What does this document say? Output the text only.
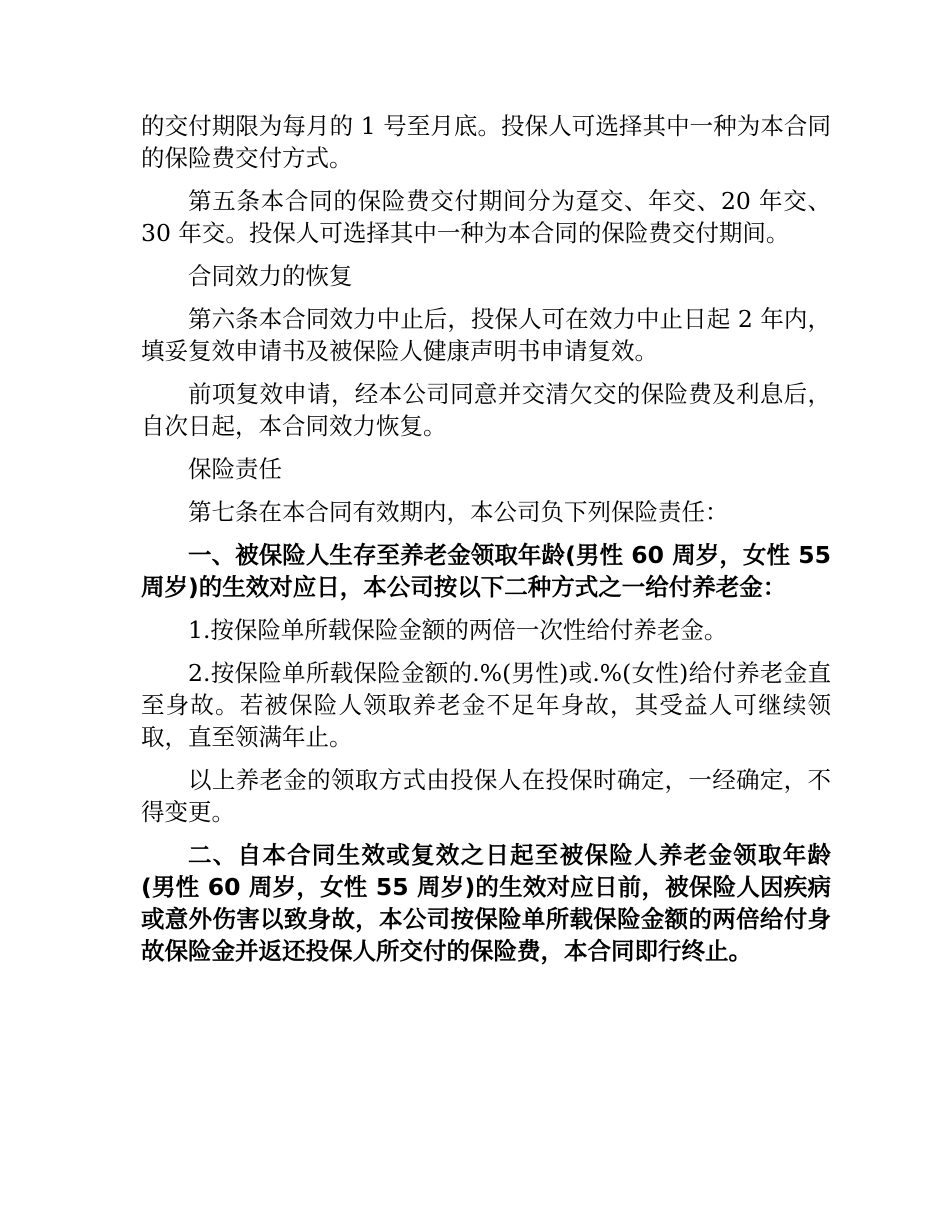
的交付期限为每月的 1 号至月底。投保人可选择其中一种为本合同的保险费交付方式。

第五条本合同的保险费交付期间分为趸交、年交、20 年交、30 年交。投保人可选择其中一种为本合同的保险费交付期间。

合同效力的恢复

第六条本合同效力中止后，投保人可在效力中止日起 2 年内，填妥复效申请书及被保险人健康声明书申请复效。

前项复效申请，经本公司同意并交清欠交的保险费及利息后，自次日起，本合同效力恢复。

保险责任

第七条在本合同有效期内，本公司负下列保险责任：

一、被保险人生存至养老金领取年龄(男性 60 周岁，女性 55 周岁)的生效对应日，本公司按以下二种方式之一给付养老金：

1.按保险单所载保险金额的两倍一次性给付养老金。

2.按保险单所载保险金额的.%(男性)或.%(女性)给付养老金直至身故。若被保险人领取养老金不足年身故，其受益人可继续领取，直至领满年止。

以上养老金的领取方式由投保人在投保时确定，一经确定，不得变更。

二、自本合同生效或复效之日起至被保险人养老金领取年龄(男性 60 周岁，女性 55 周岁)的生效对应日前，被保险人因疾病或意外伤害以致身故，本公司按保险单所载保险金额的两倍给付身故保险金并返还投保人所交付的保险费，本合同即行终止。
